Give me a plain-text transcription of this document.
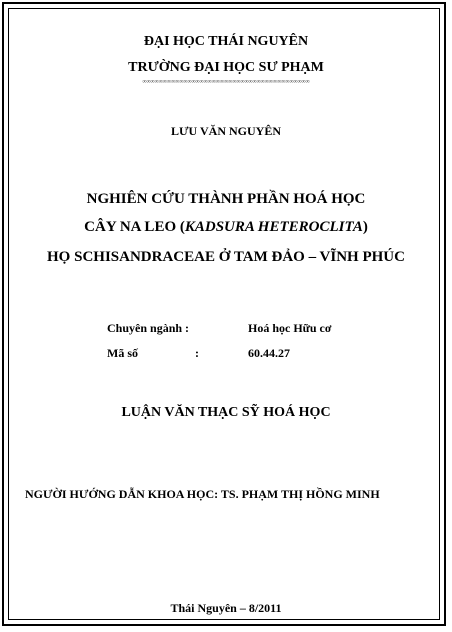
ĐẠI HỌC THÁI NGUYÊN
TRƯỜNG ĐẠI HỌC SƯ PHẠM
∞∞∞∞∞∞∞∞∞∞∞∞∞∞∞∞∞∞∞∞∞∞∞∞∞∞∞∞∞∞∞∞∞∞∞∞∞∞∞∞∞
LƯU VĂN NGUYÊN
NGHIÊN CỨU THÀNH PHẦN HOÁ HỌC
CÂY NA LEO (KADSURA HETEROCLITA)
HỌ SCHISANDRACEAE Ở TAM ĐẢO – VĨNH PHÚC
Chuyên ngành :	Hoá học Hữu cơ
Mã số	:	60.44.27
LUẬN VĂN THẠC SỸ HOÁ HỌC
NGƯỜI HƯỚNG DẪN KHOA HỌC: TS. PHẠM THỊ HỒNG MINH
Thái Nguyên – 8/2011
